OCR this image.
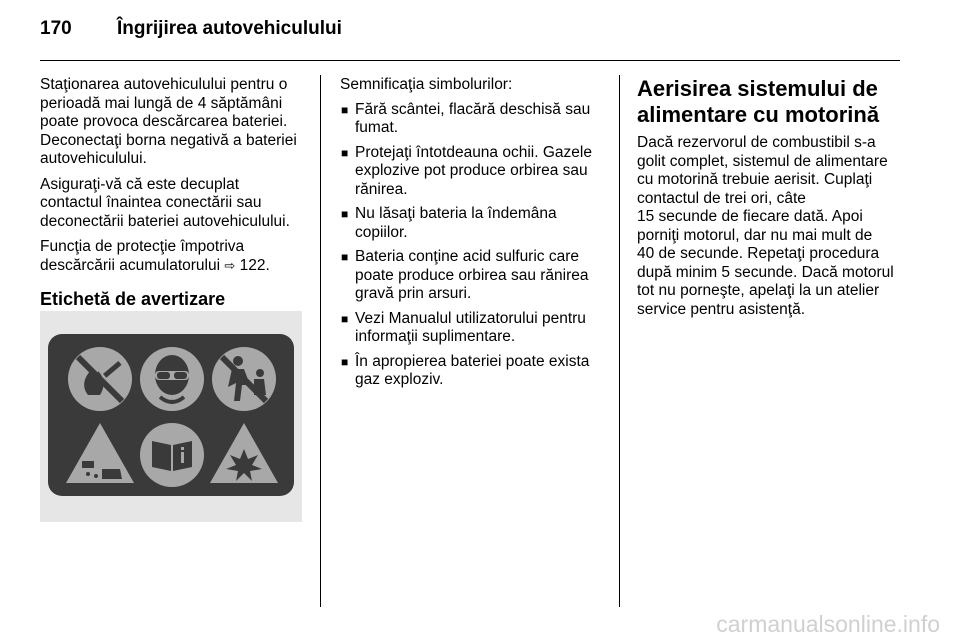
170 Îngrijirea autovehiculului

Staţionarea autovehiculului pentru o
perioadă mai lungă de 4 săptămâni
poate provoca descărcarea bateriei.
Deconectaţi borna negativă a bateriei
autovehiculului.

Asiguraţi-vă că este decuplat
contactul înaintea conectării sau
deconectării bateriei autovehiculului.

Funcţia de protecţie împotriva
descărcării acumulatorului ⇨ 122.

Etichetă de avertizare
Semnificaţia simbolurilor:
■ Fără scântei, flacără deschisă sau
fumat.
■ Protejaţi întotdeauna ochii. Gazele
explozive pot produce orbirea sau
rănirea.
■ Nu lăsaţi bateria la îndemâna
copiilor.
■ Bateria conţine acid sulfuric care
poate produce orbirea sau rănirea
gravă prin arsuri.
■ Vezi Manualul utilizatorului pentru
informaţii suplimentare.
■ În apropierea bateriei poate exista
gaz exploziv.
Aerisirea sistemului de
alimentare cu motorină

Dacă rezervorul de combustibil s-a
golit complet, sistemul de alimentare
cu motorină trebuie aerisit. Cuplaţi
contactul de trei ori, câte
15 secunde de fiecare dată. Apoi
porniţi motorul, dar nu mai mult de
40 de secunde. Repetaţi procedura
după minim 5 secunde. Dacă motorul
tot nu porneşte, apelaţi la un atelier
service pentru asistenţă.

carmanualsonline.info
